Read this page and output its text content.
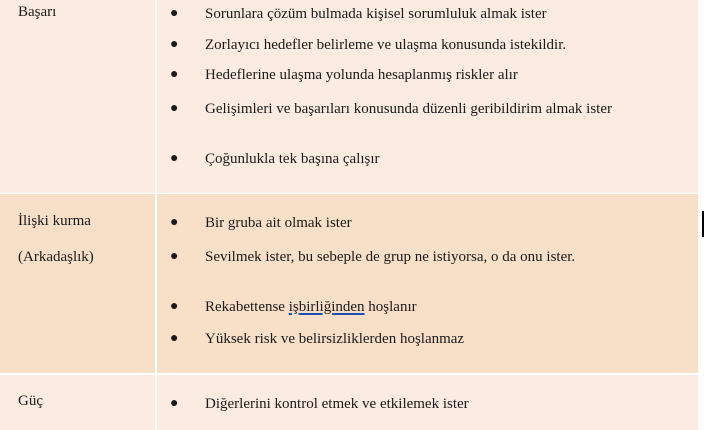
Başarı	● Sorunlara çözüm bulmada kişisel sorumluluk almak ister
● Zorlayıcı hedefler belirleme ve ulaşma konusunda istekildir.
● Hedeflerine ulaşma yolunda hesaplanmış riskler alır
● Gelişimleri ve başarıları konusunda düzenli geribildirim almak ister
● Çoğunlukla tek başına çalışır
İlişki kurma
(Arkadaşlık)
● Bir gruba ait olmak ister
● Sevilmek ister, bu sebeple de grup ne istiyorsa, o da onu ister.
● Rekabettense işbirliğinden hoşlanır
● Yüksek risk ve belirsizliklerden hoşlanmaz
Güç	● Diğerlerini kontrol etmek ve etkilemek ister
